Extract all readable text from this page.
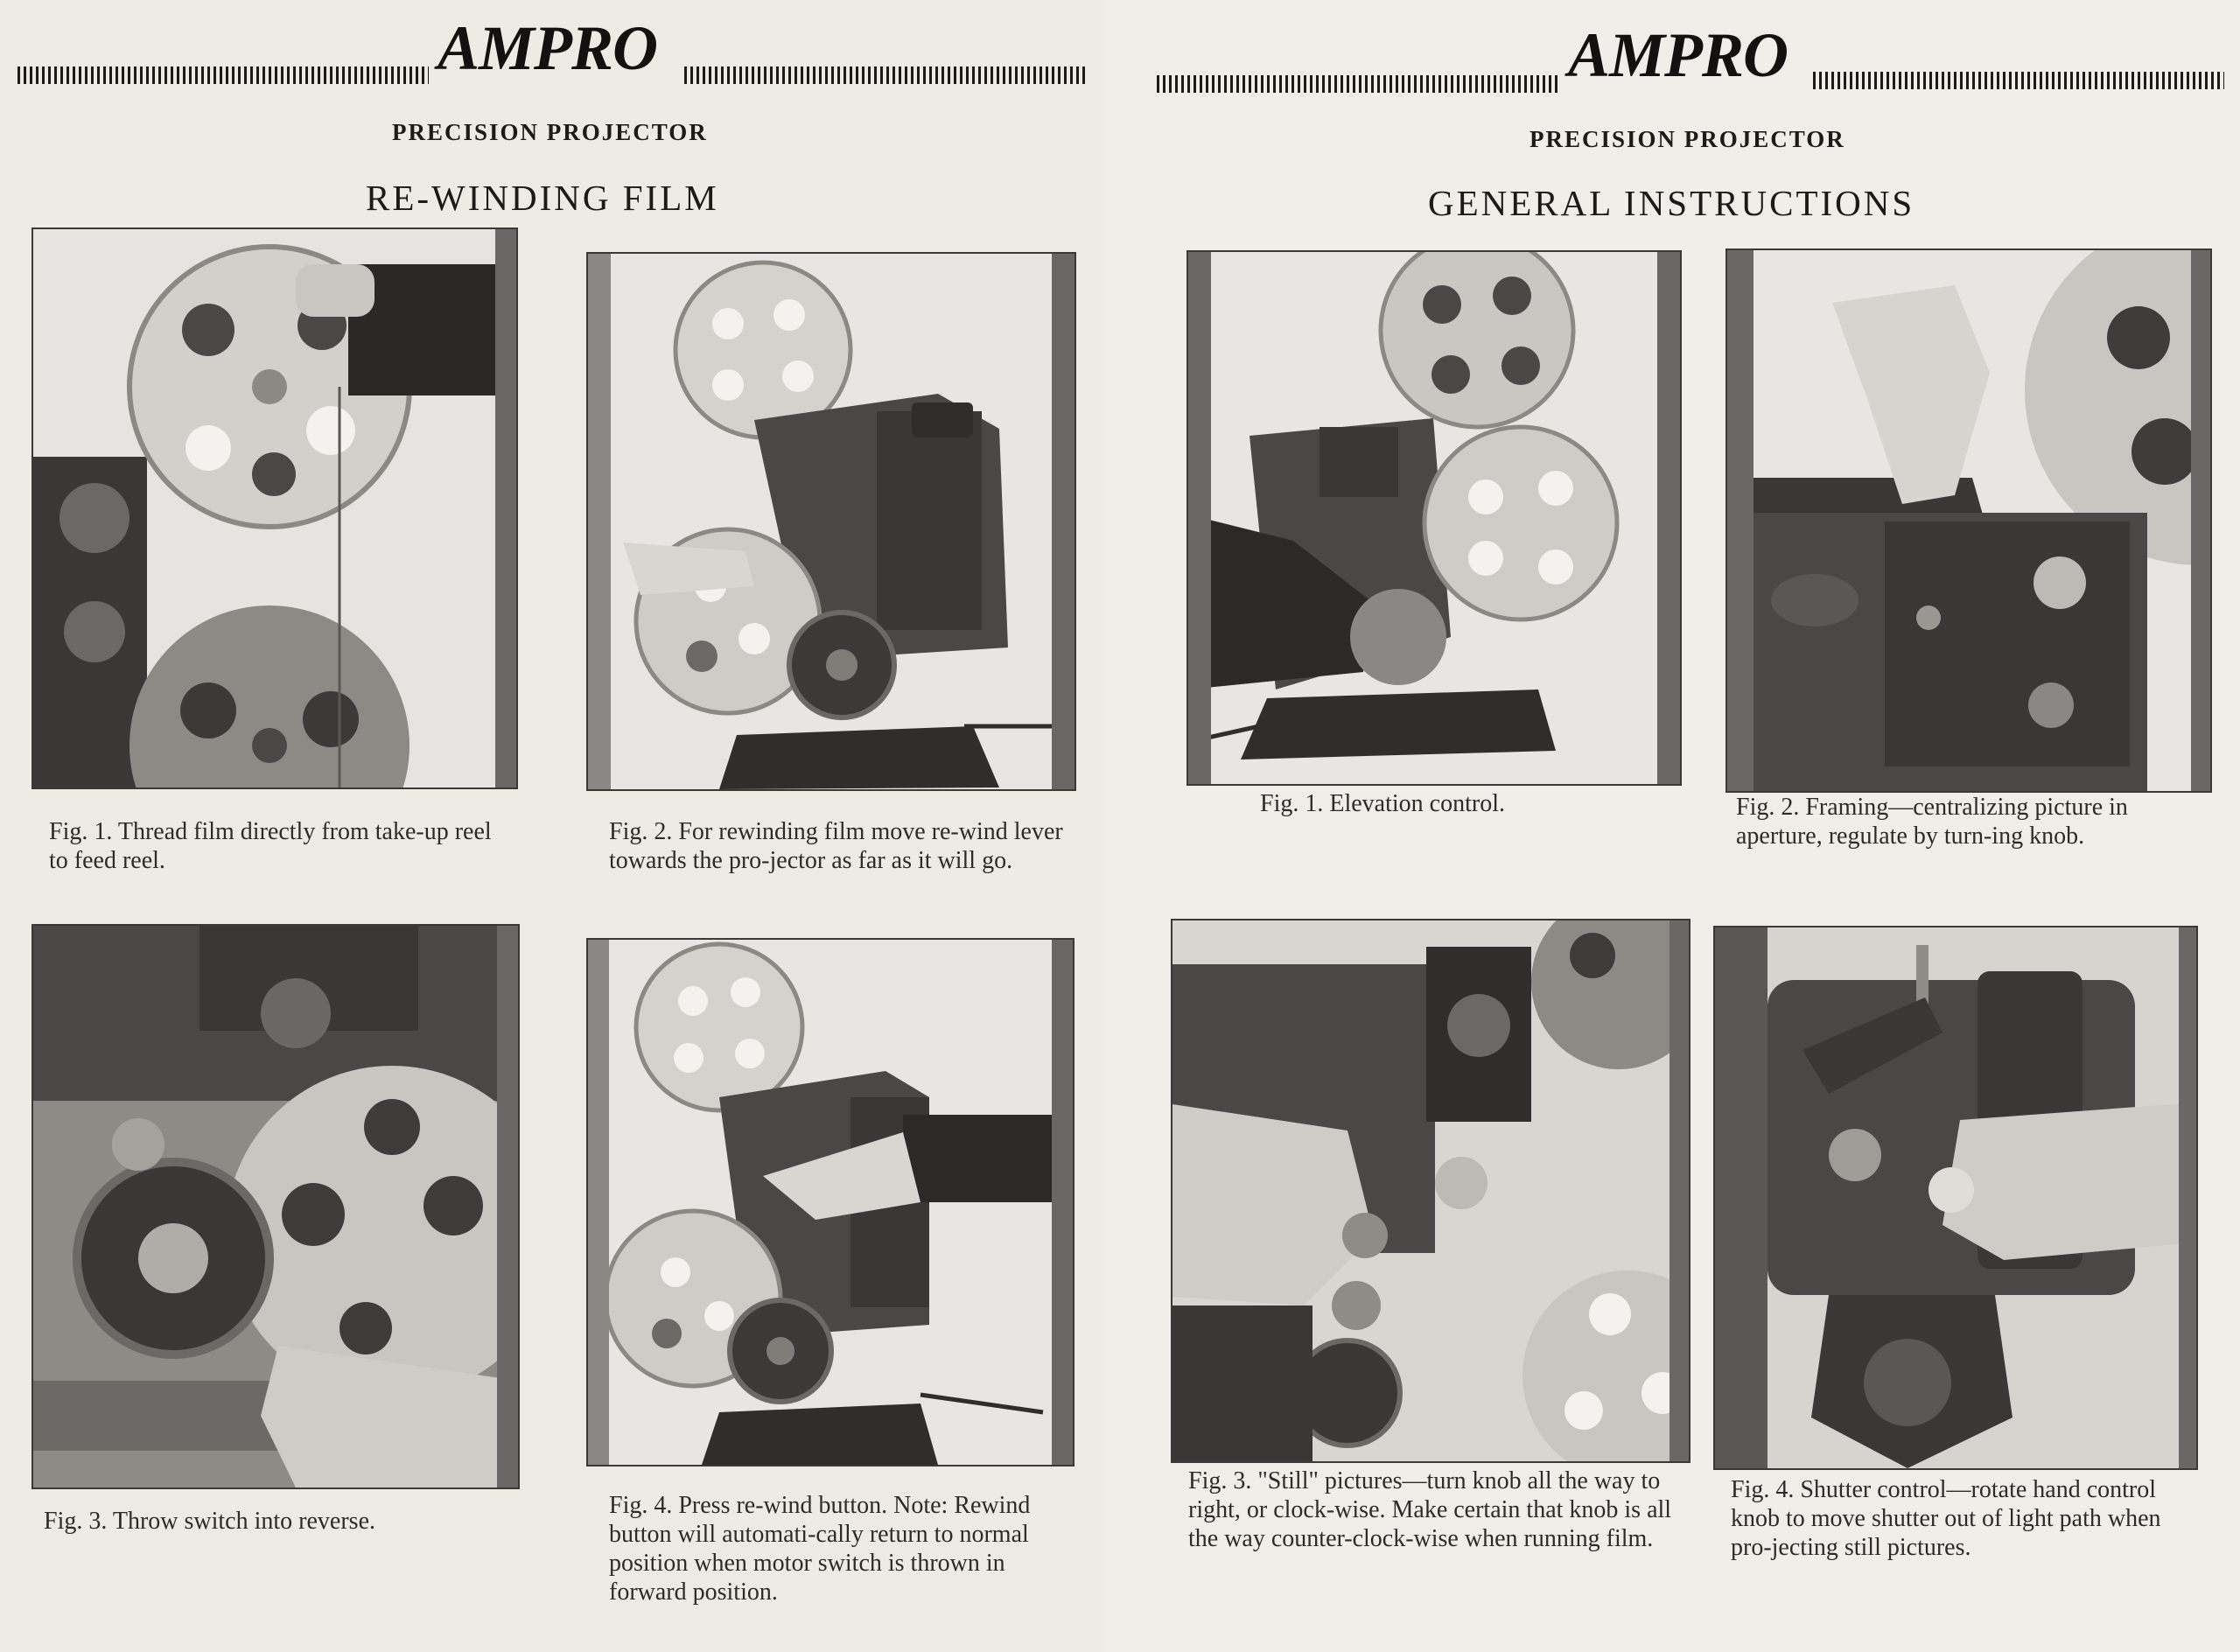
AMPRO
PRECISION PROJECTOR
RE-WINDING FILM
Fig. 1. Thread film directly from take-up reel to feed reel.
Fig. 2. For rewinding film move re-wind lever towards the pro-jector as far as it will go.
Fig. 3. Throw switch into reverse.
Fig. 4. Press re-wind button. Note: Rewind button will automati-cally return to normal position when motor switch is thrown in forward position.
AMPRO
PRECISION PROJECTOR
GENERAL INSTRUCTIONS
Fig. 1. Elevation control.	Fig. 2. Framing—centralizing picture in aperture, regulate by turn-ing knob.
Fig. 3. "Still" pictures—turn knob all the way to right, or clock-wise. Make certain that knob is all the way counter-clock-wise when running film.
Fig. 4. Shutter control—rotate hand control knob to move shutter out of light path when pro-jecting still pictures.
